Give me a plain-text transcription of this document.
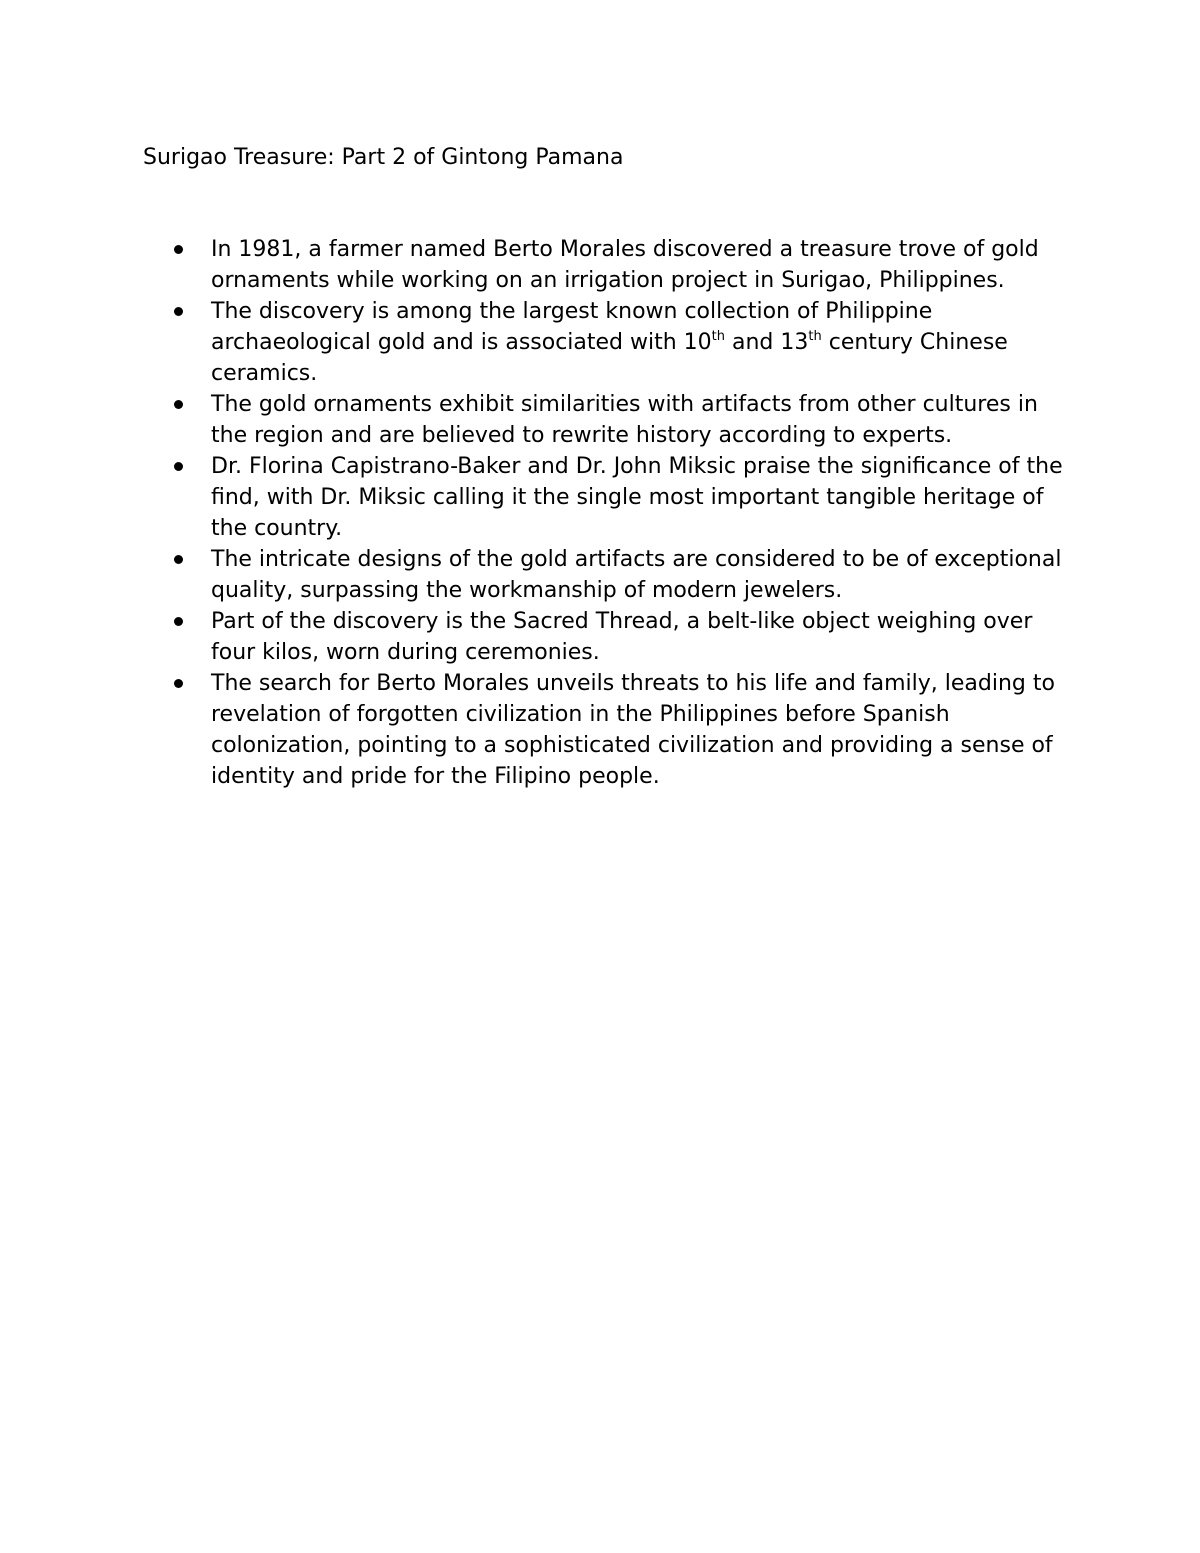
Surigao Treasure: Part 2 of Gintong Pamana
In 1981, a farmer named Berto Morales discovered a treasure trove of gold ornaments while working on an irrigation project in Surigao, Philippines.
The discovery is among the largest known collection of Philippine archaeological gold and is associated with 10th and 13th century Chinese ceramics.
The gold ornaments exhibit similarities with artifacts from other cultures in the region and are believed to rewrite history according to experts.
Dr. Florina Capistrano-Baker and Dr. John Miksic praise the significance of the find, with Dr. Miksic calling it the single most important tangible heritage of the country.
The intricate designs of the gold artifacts are considered to be of exceptional quality, surpassing the workmanship of modern jewelers.
Part of the discovery is the Sacred Thread, a belt-like object weighing over four kilos, worn during ceremonies.
The search for Berto Morales unveils threats to his life and family, leading to revelation of forgotten civilization in the Philippines before Spanish colonization, pointing to a sophisticated civilization and providing a sense of identity and pride for the Filipino people.
